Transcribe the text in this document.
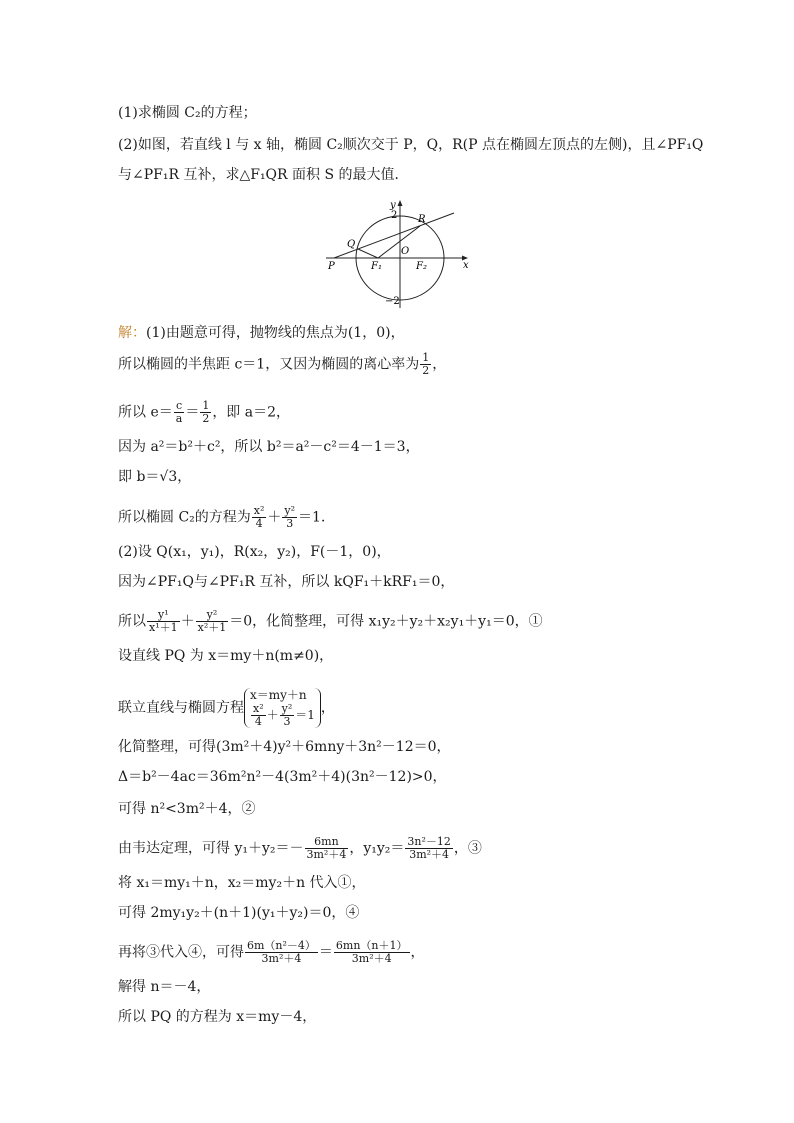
(1)求椭圆 C₂的方程；
(2)如图，若直线 l 与 x 轴，椭圆 C₂顺次交于 P，Q，R(P 点在椭圆左顶点的左侧)，且∠PF₁Q
与∠PF₁R 互补，求△F₁QR 面积 S 的最大值．
y
x
2
−2
R
Q
O
P	F₁	F₂
解：(1)由题意可得，抛物线的焦点为(1，0)，
所以椭圆的半焦距 c＝1，又因为椭圆的离心率为 $\frac{1}{2}$ ，
所以 $e= \frac{c}{a} = \frac{1}{2}$ ，即 a＝2，
因为 a²＝b²＋c²，所以 b²＝a²－c²＝4－1＝3，
即 b＝√3，
所以椭圆 C₂的方程为 $\frac{\text{x²}}{4} + \frac{\text{y²}}{3} =1$．
(2)设 Q(x₁，y₁)，R(x₂，y₂)，F(－1，0)，
因为∠PF₁Q与∠PF₁R 互补，所以 kQF₁＋kRF₁＝0，
所以 $\frac{\text{y¹}}{\text{x¹＋1}} + \frac{\text{y²}}{\text{x²＋1}} =0$，化简整理，可得 x₁y₂＋y₂＋x₂y₁＋y₁＝0，①
设直线 PQ 为 x＝my＋n(m≠0)，
联立直线与椭圆方程
x＝my＋n
$\frac{\text{x²}}{4} + \frac{\text{y²}}{3} =1$ ，
化简整理，可得(3m²＋4)y²＋6mny＋3n²－12＝0，
Δ＝b²－4ac＝36m²n²－4(3m²＋4)(3n²－12)>0，
可得 n²<3m²＋4，②
由韦达定理，可得 $y_1+y_2=- \frac{6mn}{\text{3m²＋4}}$ ，$y_1y_2= \frac{\text{3n²－12}}{\text{3m²＋4}}$ ，③
将 x₁＝my₁＋n，x₂＝my₂＋n 代入①，
可得 2my₁y₂＋(n＋1)(y₁＋y₂)＝0，④
再将③代入④，可得 $\frac{\text{6m（n²－4）}}{\text{3m²＋4}} = \frac{6mn(n+1)}{\text{3m²＋4}}$ ，
解得 n＝－4，
所以 PQ 的方程为 x＝my－4，
